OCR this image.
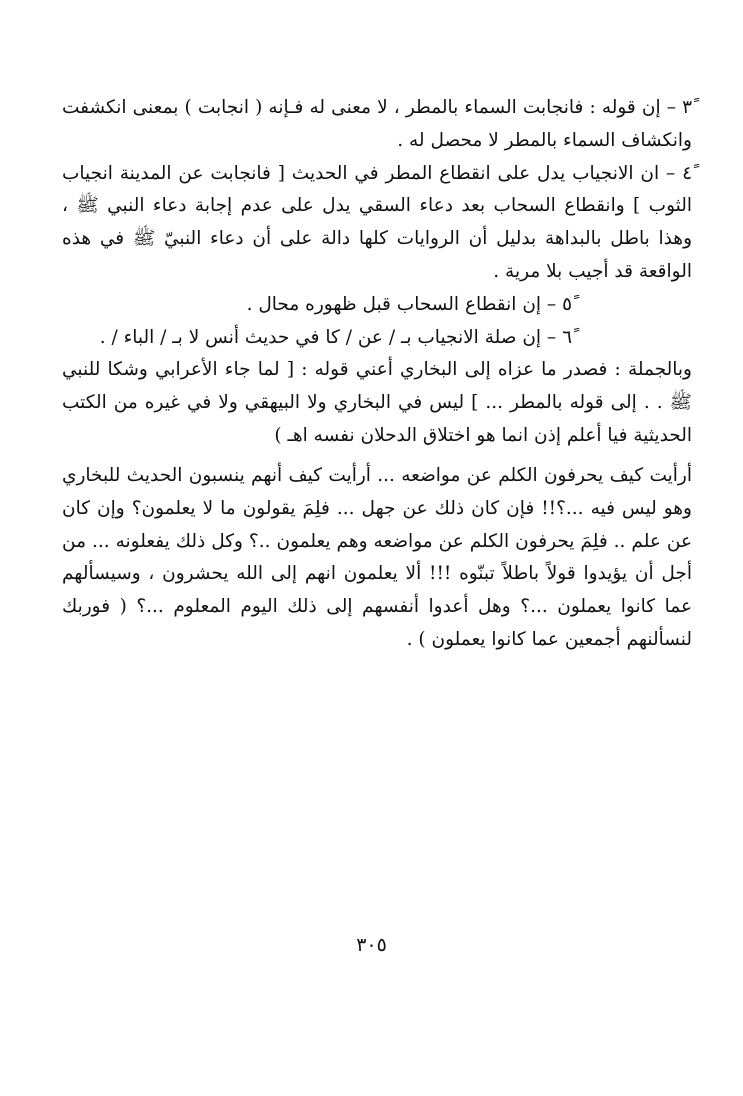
٣ً – إن قوله : فانجابت السماء بالمطر ، لا معنى له فـإنه ( انجابت ) بمعنى انكشفت وانكشاف السماء بالمطر لا محصل له .

٤ً – ان الانجياب يدل على انقطاع المطر في الحديث [ فانجابت عن المدينة انجياب الثوب ] وانقطاع السحاب بعد دعاء السقي يدل على عدم إجابة دعاء النبي ﷺ ، وهذا باطل بالبداهة بدليل أن الروايات كلها دالة على أن دعاء النبيّ ﷺ في هذه الواقعة قد أجيب بلا مرية .

٥ً – إن انقطاع السحاب قبل ظهوره محال .

٦ً – إن صلة الانجياب بـ / عن / كا في حديث أنس لا بـ / الباء / .

وبالجملة : فصدر ما عزاه إلى البخاري أعني قوله : [ لما جاء الأعرابي وشكا للنبي ﷺ . . إلى قوله بالمطر ... ] ليس في البخاري ولا البيهقي ولا في غيره من الكتب الحديثية فيا أعلم إذن انما هو اختلاق الدحلان نفسه اهـ )

أرأيت كيف يحرفون الكلم عن مواضعه ... أرأيت كيف أنهم ينسبون الحديث للبخاري وهو ليس فيه ...؟!! فإن كان ذلك عن جهل ... فلِمَ يقولون ما لا يعلمون؟ وإن كان عن علم .. فلِمَ يحرفون الكلم عن مواضعه وهم يعلمون ..؟ وكل ذلك يفعلونه ... من أجل أن يؤيدوا قولاً باطلاً تبنّوه !!! ألا يعلمون انهم إلى الله يحشرون ، وسيسألهم عما كانوا يعملون ...؟ وهل أعدوا أنفسهم إلى ذلك اليوم المعلوم ...؟ ( فوربك لنسألنهم أجمعين عما كانوا يعملون ) .

٣٠٥
